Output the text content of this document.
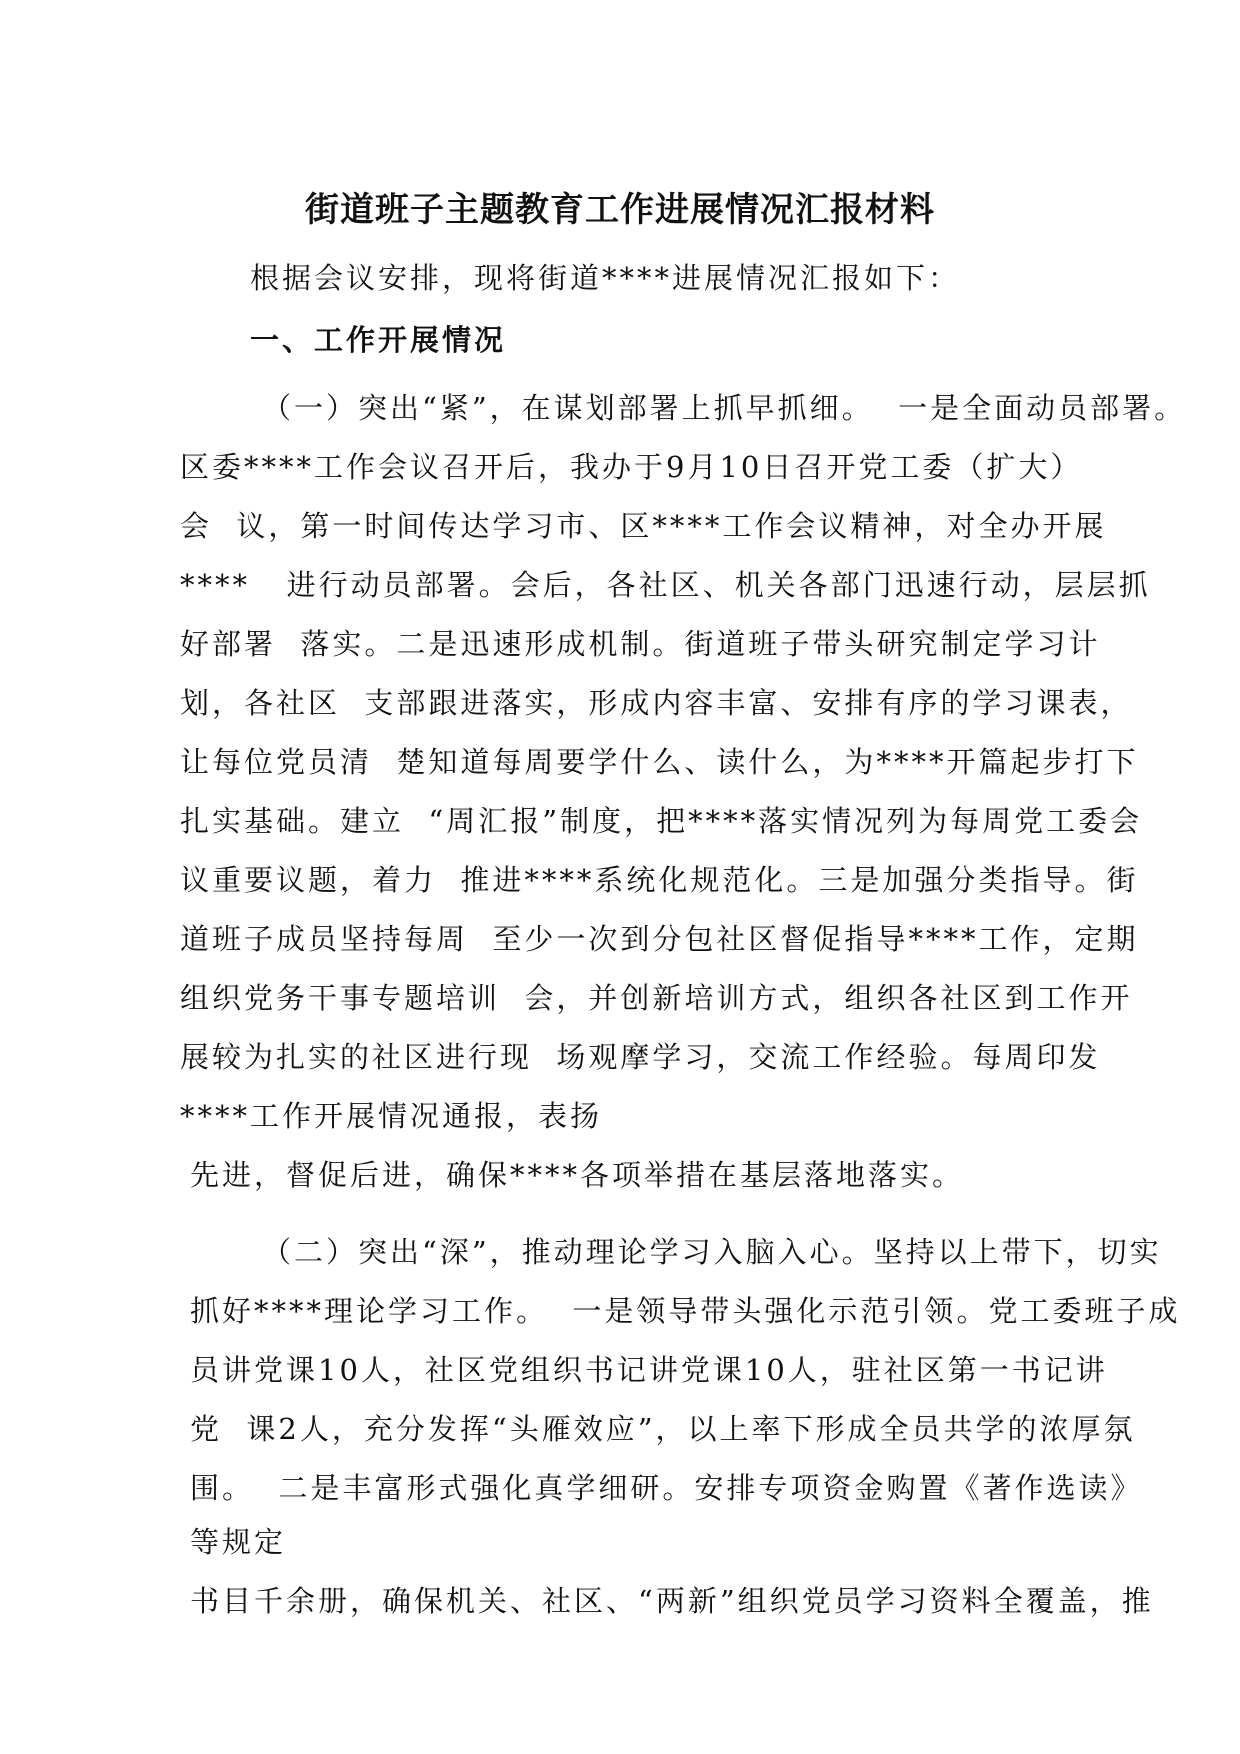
街道班子主题教育工作进展情况汇报材料
根据会议安排，现将街道****进展情况汇报如下：
一、工作开展情况
（一）突出“紧”，在谋划部署上抓早抓细。  一是全面动员部署。
区委****工作会议召开后，我办于9月10日召开党工委（扩大）
会  议，第一时间传达学习市、区****工作会议精神，对全办开展
****   进行动员部署。会后，各社区、机关各部门迅速行动，层层抓
好部署  落实。二是迅速形成机制。街道班子带头研究制定学习计
划，各社区  支部跟进落实，形成内容丰富、安排有序的学习课表，
让每位党员清  楚知道每周要学什么、读什么，为****开篇起步打下
扎实基础。建立  “周汇报”制度，把****落实情况列为每周党工委会
议重要议题，着力  推进****系统化规范化。三是加强分类指导。街
道班子成员坚持每周  至少一次到分包社区督促指导****工作，定期
组织党务干事专题培训  会，并创新培训方式，组织各社区到工作开
展较为扎实的社区进行现  场观摩学习，交流工作经验。每周印发
****工作开展情况通报，表扬
先进，督促后进，确保****各项举措在基层落地落实。
（二）突出“深”，推动理论学习入脑入心。坚持以上带下，切实
抓好****理论学习工作。  一是领导带头强化示范引领。党工委班子成
员讲党课10人，社区党组织书记讲党课10人，驻社区第一书记讲
党  课2人，充分发挥“头雁效应”，以上率下形成全员共学的浓厚氛
围。  二是丰富形式强化真学细研。安排专项资金购置《著作选读》
等规定
书目千余册，确保机关、社区、“两新”组织党员学习资料全覆盖，推
